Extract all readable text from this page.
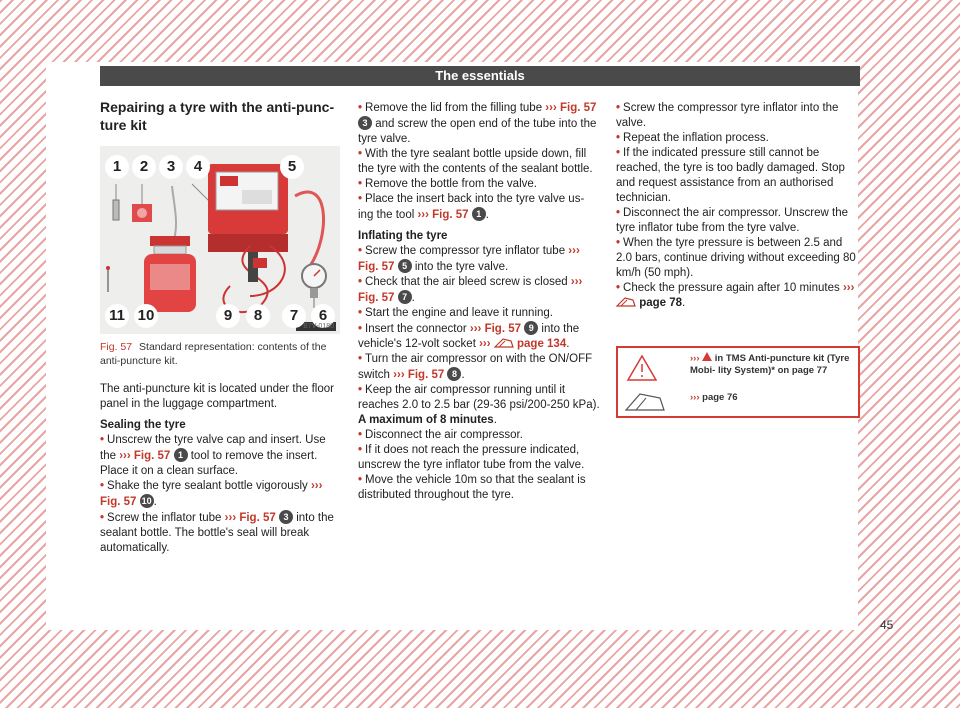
The essentials
Repairing a tyre with the anti-punc- ture kit
1	2	3	4	5
11 10	9	8	7	6
B7V-0180
Fig. 57 Standard representation: contents of the anti-puncture kit.

The anti-puncture kit is located under the floor panel in the luggage compartment.

Sealing the tyre

• Unscrew the tyre valve cap and insert. Use the ››› Fig. 57 1 tool to remove the insert. Place it on a clean surface.

• Shake the tyre sealant bottle vigorously ››› Fig. 57 10 .

• Screw the inflator tube ››› Fig. 57 3 into the sealant bottle. The bottle's seal will break automatically.

• Remove the lid from the filling tube ››› Fig. 57 3 and screw the open end of the tube into the tyre valve.

• With the tyre sealant bottle upside down, fill the tyre with the contents of the sealant bottle.

• Remove the bottle from the valve.

• Place the insert back into the tyre valve us- ing the tool ››› Fig. 57 1 .

Inflating the tyre

• Screw the compressor tyre inflator tube ››› Fig. 57 5 into the tyre valve.

• Check that the air bleed screw is closed ››› Fig. 57 7 .

• Start the engine and leave it running.

• Insert the connector ››› Fig. 57 9 into the vehicle's 12-volt socket ››› page 134.

• Turn the air compressor on with the ON/OFF switch ››› Fig. 57 8 .

• Keep the air compressor running until it reaches 2.0 to 2.5 bar (29-36 psi/200-250 kPa). A maximum of 8 minutes.

• Disconnect the air compressor.

• If it does not reach the pressure indicated, unscrew the tyre inflator tube from the valve.

• Move the vehicle 10m so that the sealant is distributed throughout the tyre.

• Screw the compressor tyre inflator into the valve.

• Repeat the inflation process.

• If the indicated pressure still cannot be reached, the tyre is too badly damaged. Stop and request assistance from an authorised technician.

• Disconnect the air compressor. Unscrew the tyre inflator tube from the tyre valve.

• When the tyre pressure is between 2.5 and 2.0 bars, continue driving without exceeding 80 km/h (50 mph).

• Check the pressure again after 10 minutes ›››  page 78.

››› in TMS Anti-puncture kit (Tyre Mobi- lity System)* on page 77
››› page 76
45
